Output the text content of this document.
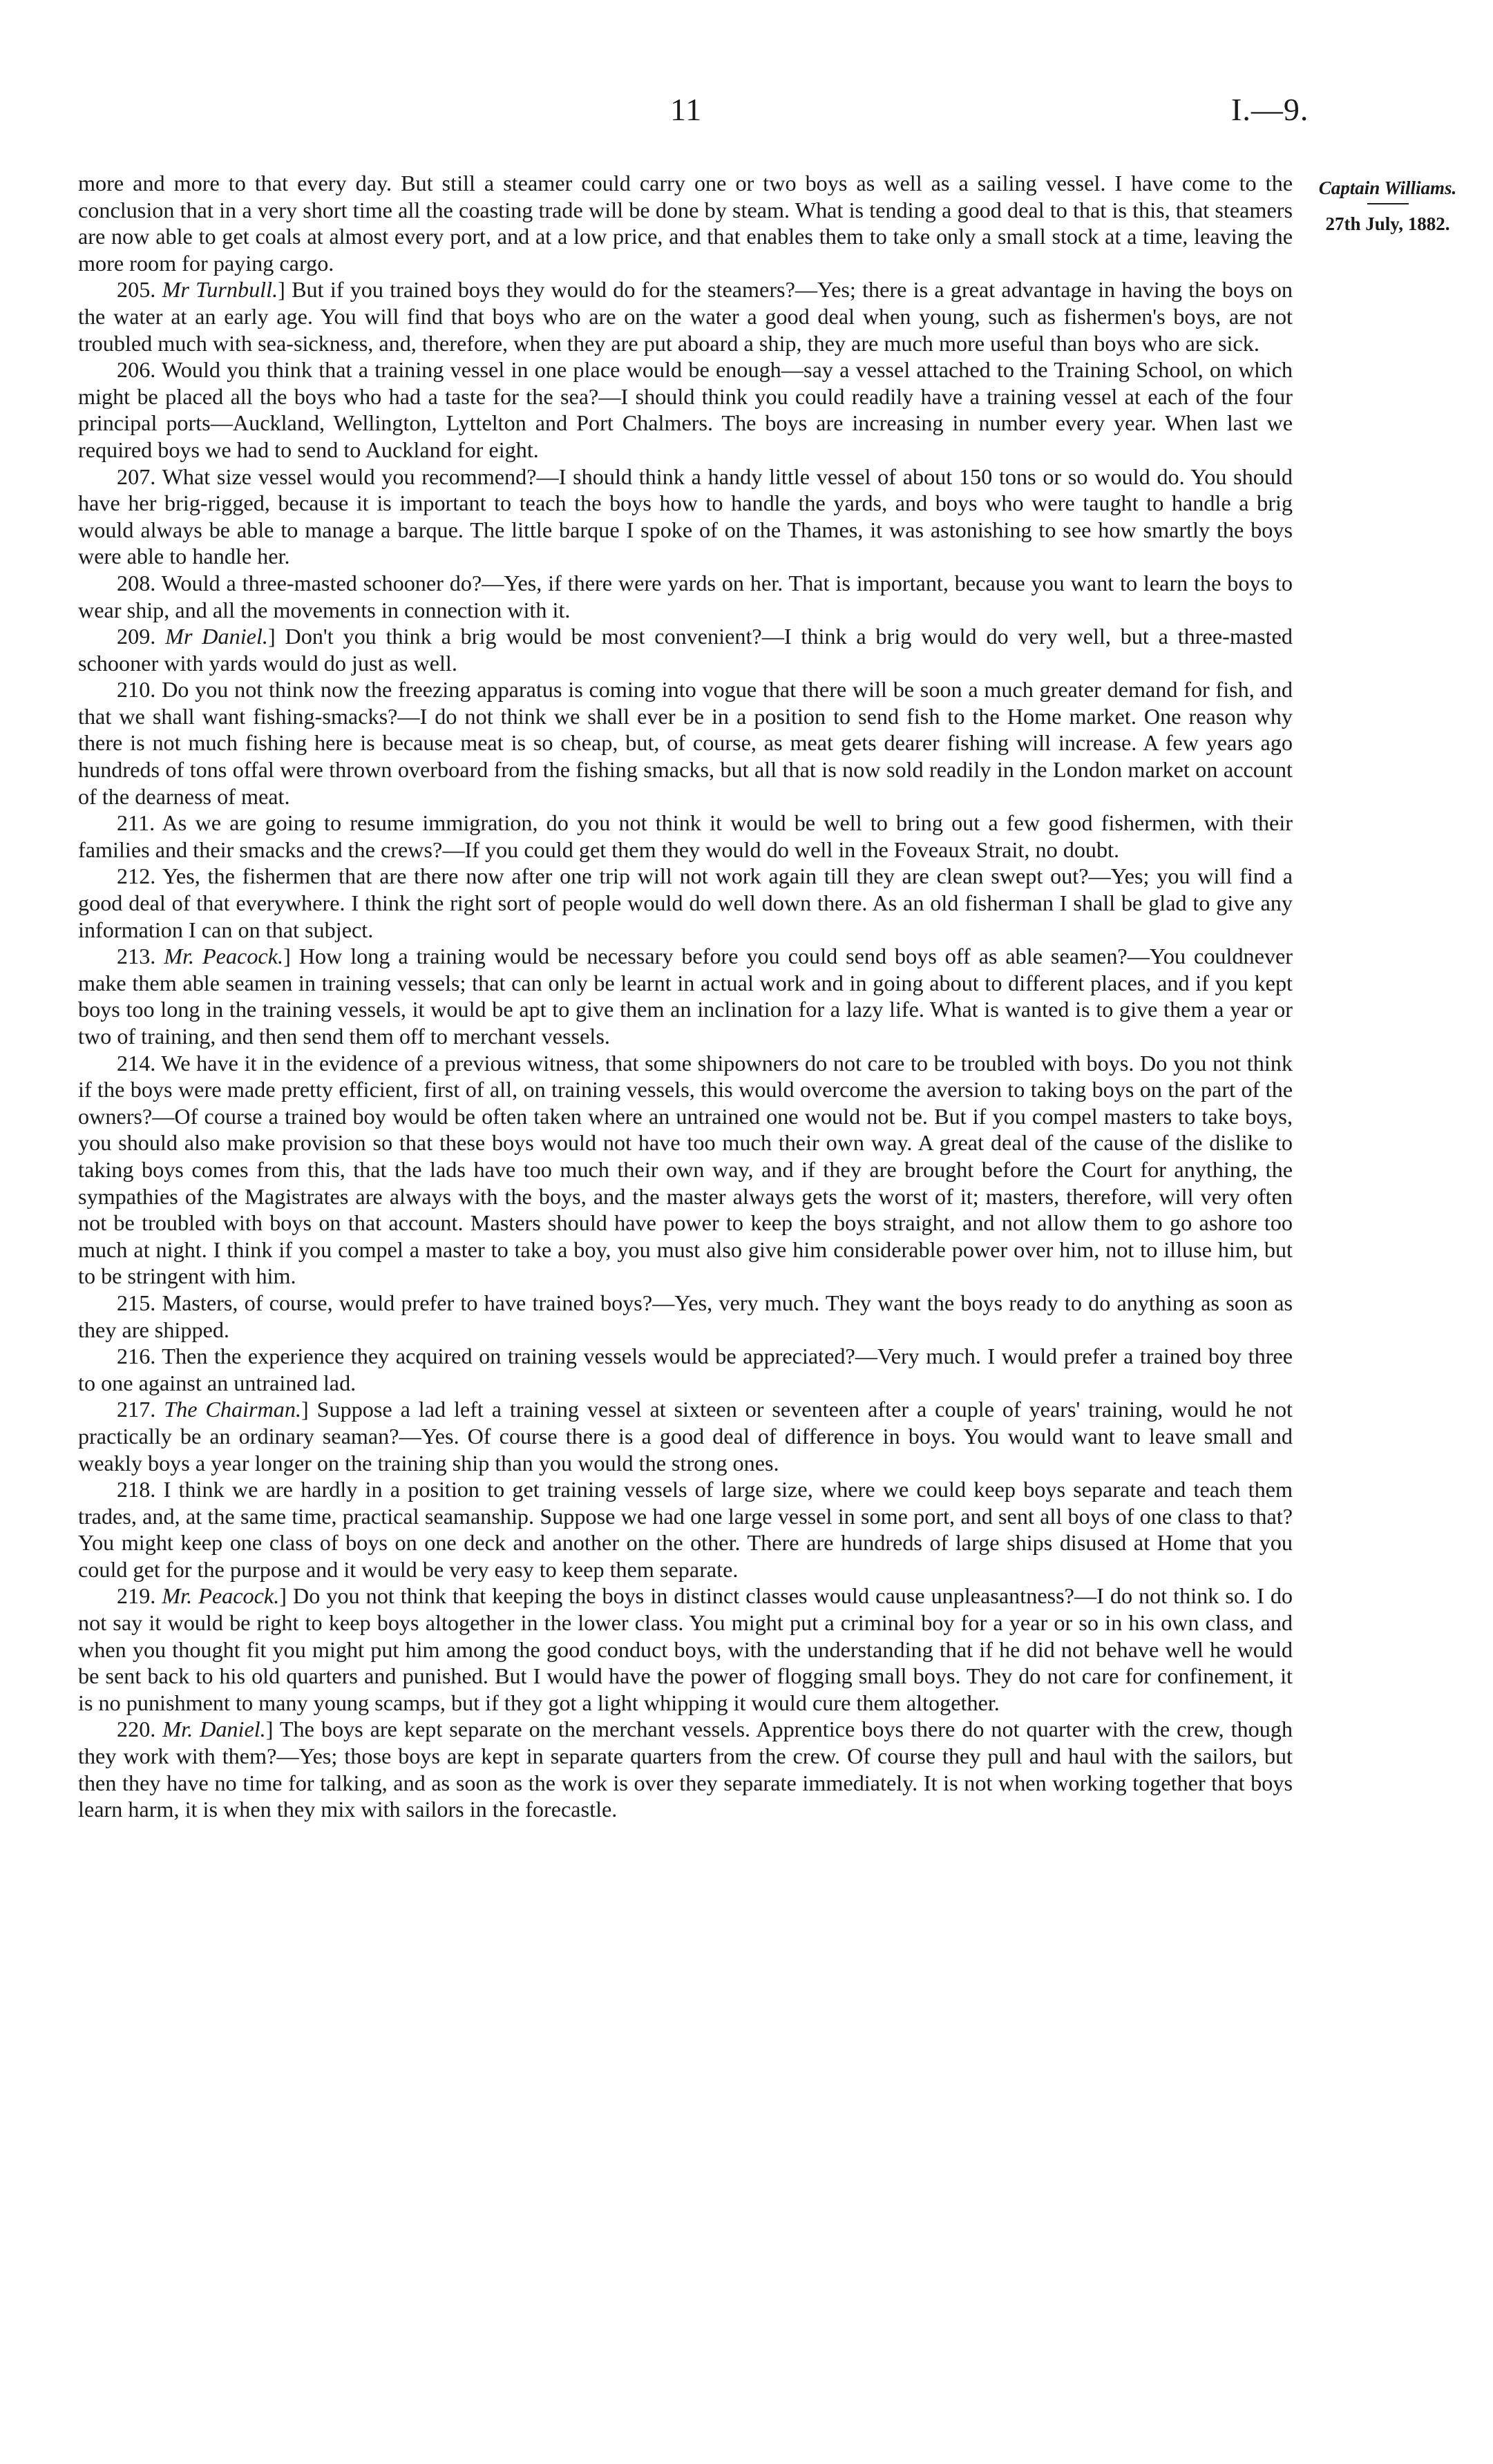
11	I.—9.
Captain Williams.
27th July, 1882.

more and more to that every day. But still a steamer could carry one or two boys as well as a sailing vessel. I have come to the conclusion that in a very short time all the coasting trade will be done by steam. What is tending a good deal to that is this, that steamers are now able to get coals at almost every port, and at a low price, and that enables them to take only a small stock at a time, leaving the more room for paying cargo.

205. Mr Turnbull.] But if you trained boys they would do for the steamers?—Yes; there is a great advantage in having the boys on the water at an early age. You will find that boys who are on the water a good deal when young, such as fishermen's boys, are not troubled much with sea-sickness, and, therefore, when they are put aboard a ship, they are much more useful than boys who are sick.

206. Would you think that a training vessel in one place would be enough—say a vessel attached to the Training School, on which might be placed all the boys who had a taste for the sea?—I should think you could readily have a training vessel at each of the four principal ports—Auckland, Wellington, Lyttelton and Port Chalmers. The boys are increasing in number every year. When last we required boys we had to send to Auckland for eight.

207. What size vessel would you recommend?—I should think a handy little vessel of about 150 tons or so would do. You should have her brig-rigged, because it is important to teach the boys how to handle the yards, and boys who were taught to handle a brig would always be able to manage a barque. The little barque I spoke of on the Thames, it was astonishing to see how smartly the boys were able to handle her.

208. Would a three-masted schooner do?—Yes, if there were yards on her. That is important, because you want to learn the boys to wear ship, and all the movements in connection with it.

209. Mr Daniel.] Don't you think a brig would be most convenient?—I think a brig would do very well, but a three-masted schooner with yards would do just as well.

210. Do you not think now the freezing apparatus is coming into vogue that there will be soon a much greater demand for fish, and that we shall want fishing-smacks?—I do not think we shall ever be in a position to send fish to the Home market. One reason why there is not much fishing here is because meat is so cheap, but, of course, as meat gets dearer fishing will increase. A few years ago hundreds of tons offal were thrown overboard from the fishing smacks, but all that is now sold readily in the London market on account of the dearness of meat.

211. As we are going to resume immigration, do you not think it would be well to bring out a few good fishermen, with their families and their smacks and the crews?—If you could get them they would do well in the Foveaux Strait, no doubt.

212. Yes, the fishermen that are there now after one trip will not work again till they are clean swept out?—Yes; you will find a good deal of that everywhere. I think the right sort of people would do well down there. As an old fisherman I shall be glad to give any information I can on that subject.

213. Mr. Peacock.] How long a training would be necessary before you could send boys off as able seamen?—You couldnever make them able seamen in training vessels; that can only be learnt in actual work and in going about to different places, and if you kept boys too long in the training vessels, it would be apt to give them an inclination for a lazy life. What is wanted is to give them a year or two of training, and then send them off to merchant vessels.

214. We have it in the evidence of a previous witness, that some shipowners do not care to be troubled with boys. Do you not think if the boys were made pretty efficient, first of all, on training vessels, this would overcome the aversion to taking boys on the part of the owners?—Of course a trained boy would be often taken where an untrained one would not be. But if you compel masters to take boys, you should also make provision so that these boys would not have too much their own way. A great deal of the cause of the dislike to taking boys comes from this, that the lads have too much their own way, and if they are brought before the Court for anything, the sympathies of the Magistrates are always with the boys, and the master always gets the worst of it; masters, therefore, will very often not be troubled with boys on that account. Masters should have power to keep the boys straight, and not allow them to go ashore too much at night. I think if you compel a master to take a boy, you must also give him considerable power over him, not to illuse him, but to be stringent with him.

215. Masters, of course, would prefer to have trained boys?—Yes, very much. They want the boys ready to do anything as soon as they are shipped.

216. Then the experience they acquired on training vessels would be appreciated?—Very much. I would prefer a trained boy three to one against an untrained lad.

217. The Chairman.] Suppose a lad left a training vessel at sixteen or seventeen after a couple of years' training, would he not practically be an ordinary seaman?—Yes. Of course there is a good deal of difference in boys. You would want to leave small and weakly boys a year longer on the training ship than you would the strong ones.

218. I think we are hardly in a position to get training vessels of large size, where we could keep boys separate and teach them trades, and, at the same time, practical seamanship. Suppose we had one large vessel in some port, and sent all boys of one class to that? You might keep one class of boys on one deck and another on the other. There are hundreds of large ships disused at Home that you could get for the purpose and it would be very easy to keep them separate.

219. Mr. Peacock.] Do you not think that keeping the boys in distinct classes would cause unpleasantness?—I do not think so. I do not say it would be right to keep boys altogether in the lower class. You might put a criminal boy for a year or so in his own class, and when you thought fit you might put him among the good conduct boys, with the understanding that if he did not behave well he would be sent back to his old quarters and punished. But I would have the power of flogging small boys. They do not care for confinement, it is no punishment to many young scamps, but if they got a light whipping it would cure them altogether.

220. Mr. Daniel.] The boys are kept separate on the merchant vessels. Apprentice boys there do not quarter with the crew, though they work with them?—Yes; those boys are kept in separate quarters from the crew. Of course they pull and haul with the sailors, but then they have no time for talking, and as soon as the work is over they separate immediately. It is not when working together that boys learn harm, it is when they mix with sailors in the forecastle.
